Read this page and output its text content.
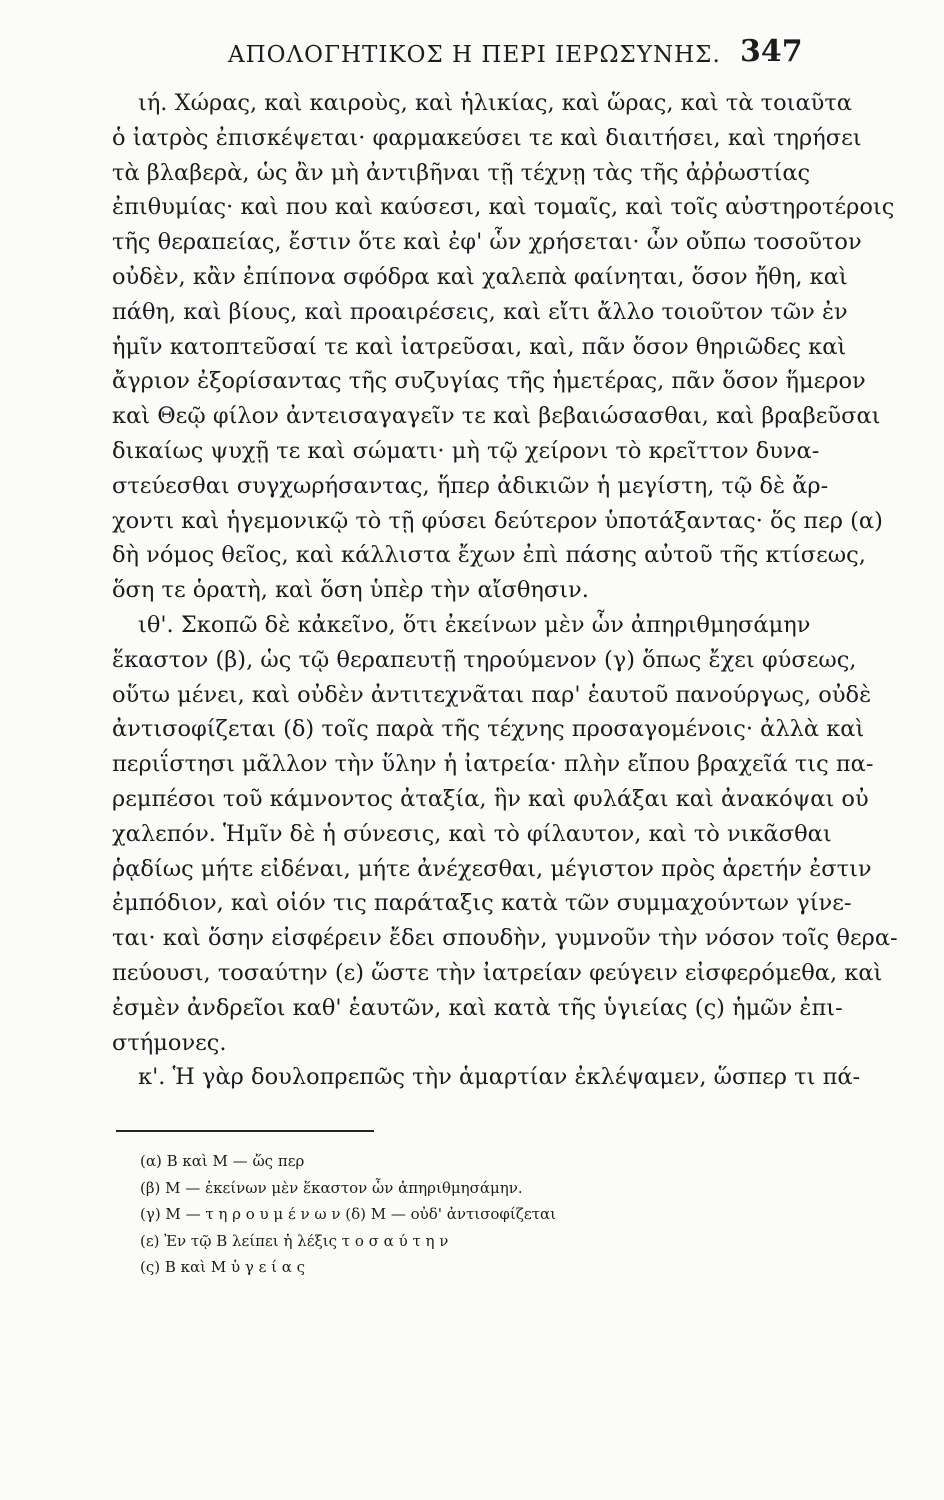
ΑΠΟΛΟΓΗΤΙΚΟΣ Η ΠΕΡΙ ΙΕΡΩΣΥΝΗΣ. 347
ιή. Χώρας, καὶ καιροὺς, καὶ ἡλικίας, καὶ ὥρας, καὶ τὰ τοιαῦτα
ὁ ἰατρὸς ἐπισκέψεται· φαρμακεύσει τε καὶ διαιτήσει, καὶ τηρήσει
τὰ βλαβερὰ, ὡς ἂν μὴ ἀντιβῆναι τῇ τέχνῃ τὰς τῆς ἀῤῥωστίας
ἐπιθυμίας· καὶ που καὶ καύσεσι, καὶ τομαῖς, καὶ τοῖς αὐστηροτέροις
τῆς θεραπείας, ἔστιν ὅτε καὶ ἐφ' ὧν χρήσεται· ὧν οὔπω τοσοῦτον
οὐδὲν, κἂν ἐπίπονα σφόδρα καὶ χαλεπὰ φαίνηται, ὅσον ἤθη, καὶ
πάθη, καὶ βίους, καὶ προαιρέσεις, καὶ εἴτι ἄλλο τοιοῦτον τῶν ἐν
ἡμῖν κατοπτεῦσαί τε καὶ ἰατρεῦσαι, καὶ, πᾶν ὅσον θηριῶδες καὶ
ἄγριον ἐξορίσαντας τῆς συζυγίας τῆς ἡμετέρας, πᾶν ὅσον ἥμερον
καὶ Θεῷ φίλον ἀντεισαγαγεῖν τε καὶ βεβαιώσασθαι, καὶ βραβεῦσαι
δικαίως ψυχῇ τε καὶ σώματι· μὴ τῷ χείρονι τὸ κρεῖττον δυνα-
στεύεσθαι συγχωρήσαντας, ἥπερ ἀδικιῶν ἡ μεγίστη, τῷ δὲ ἄρ-
χοντι καὶ ἡγεμονικῷ τὸ τῇ φύσει δεύτερον ὑποτάξαντας· ὅς περ (α)
δὴ νόμος θεῖος, καὶ κάλλιστα ἔχων ἐπὶ πάσης αὐτοῦ τῆς κτίσεως,
ὅση τε ὁρατὴ, καὶ ὅση ὑπὲρ τὴν αἴσθησιν.
ιθ'. Σκοπῶ δὲ κἀκεῖνο, ὅτι ἐκείνων μὲν ὧν ἀπηριθμησάμην
ἕκαστον (β), ὡς τῷ θεραπευτῇ τηρούμενον (γ) ὅπως ἔχει φύσεως,
οὕτω μένει, καὶ οὐδὲν ἀντιτεχνᾶται παρ' ἑαυτοῦ πανούργως, οὐδὲ
ἀντισοφίζεται (δ) τοῖς παρὰ τῆς τέχνης προσαγομένοις· ἀλλὰ καὶ
περιΐστησι μᾶλλον τὴν ὕλην ἡ ἰατρεία· πλὴν εἴπου βραχεῖά τις πα-
ρεμπέσοι τοῦ κάμνοντος ἀταξία, ἣν καὶ φυλάξαι καὶ ἀνακόψαι οὐ
χαλεπόν. Ἡμῖν δὲ ἡ σύνεσις, καὶ τὸ φίλαυτον, καὶ τὸ νικᾶσθαι
ῥᾳδίως μήτε εἰδέναι, μήτε ἀνέχεσθαι, μέγιστον πρὸς ἀρετήν ἐστιν
ἐμπόδιον, καὶ οἱόν τις παράταξις κατὰ τῶν συμμαχούντων γίνε-
ται· καὶ ὅσην εἰσφέρειν ἔδει σπουδὴν, γυμνοῦν τὴν νόσον τοῖς θερα-
πεύουσι, τοσαύτην (ε) ὥστε τὴν ἰατρείαν φεύγειν εἰσφερόμεθα, καὶ
ἐσμὲν ἀνδρεῖοι καθ' ἑαυτῶν, καὶ κατὰ τῆς ὑγιείας (ς) ἡμῶν ἐπι-
στήμονες.
κ'. Ἡ γὰρ δουλοπρεπῶς τὴν ἁμαρτίαν ἐκλέψαμεν, ὥσπερ τι πά-
(α) Β καὶ Μ — ὥς περ
(β) Μ — ἐκείνων μὲν ἕκαστον ὧν ἀπηριθμησάμην.
(γ) Μ — τ η ρ ο υ μ έ ν ω ν (δ) Μ — οὐδ' ἀντισοφίζεται
(ε) Ἐν τῷ Β λείπει ἡ λέξις τ ο σ α ύ τ η ν
(ς) Β καὶ Μ ὑ γ ε ί α ς
